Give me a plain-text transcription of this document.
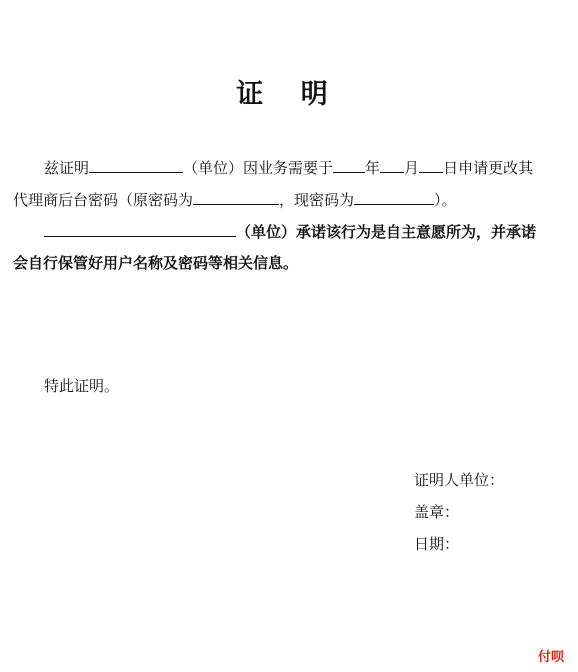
证 明
兹证明	（单位）因业务需要于 年 月 日申请更改其
代理商后台密码（原密码为	，现密码为	）。
（单位）承诺该行为是自主意愿所为，并承诺
会自行保管好用户名称及密码等相关信息。
特此证明。
证明人单位：
盖章：
日期：
付呗
